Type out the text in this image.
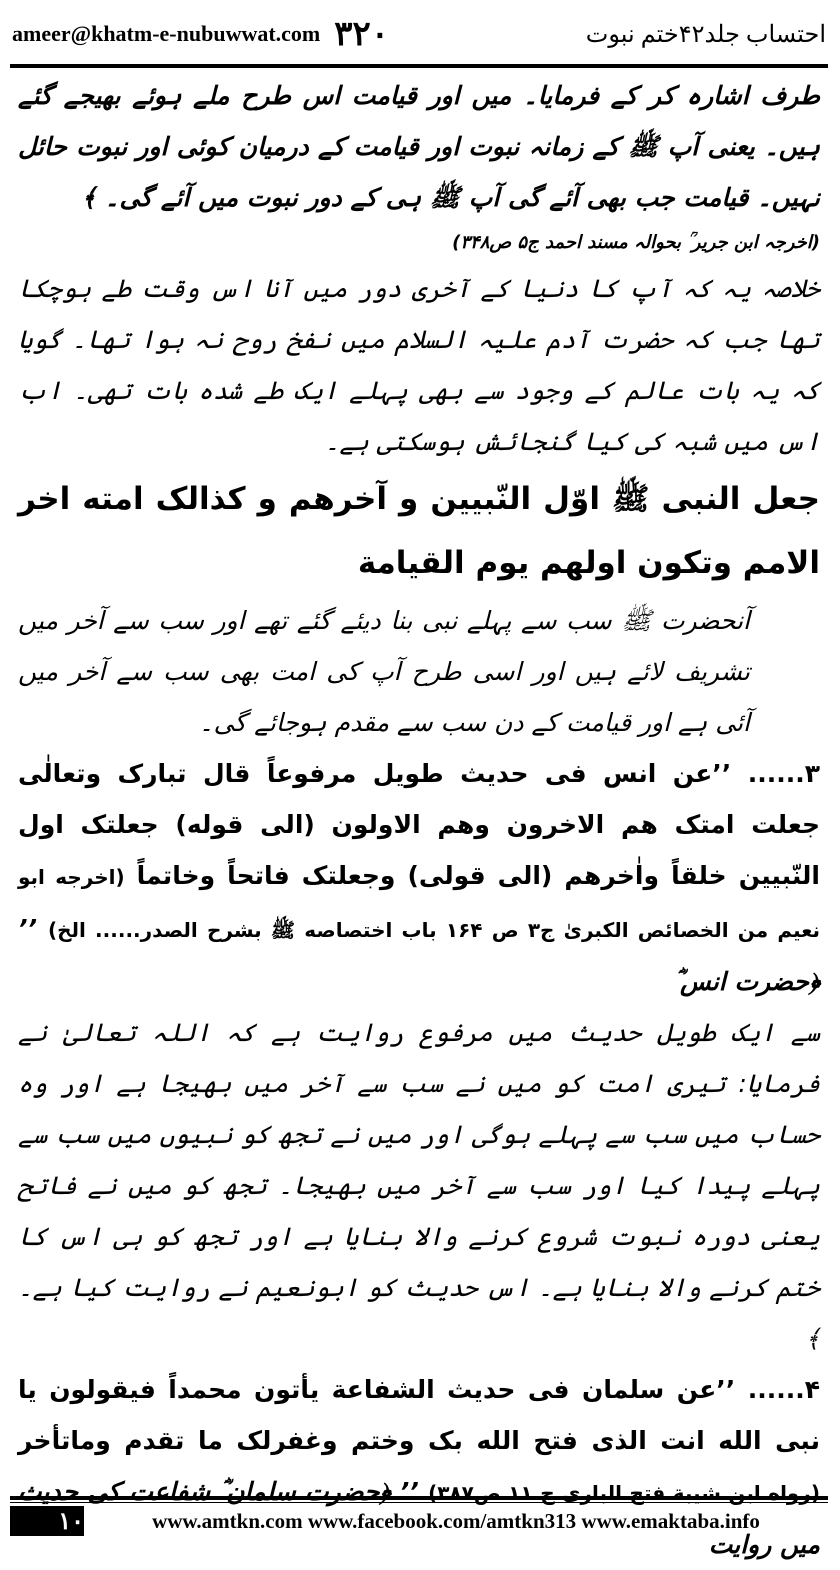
ameer@khatm-e-nubuwwat.com ۳۲۰	احتساب جلد۴۲ختم نبوت

طرف اشارہ کر کے فرمایا۔ میں اور قیامت اس طرح ملے ہوئے بھیجے گئے ہیں۔ یعنی آپ ﷺ کے زمانہ نبوت اور قیامت کے درمیان کوئی اور نبوت حائل نہیں۔ قیامت جب بھی آئے گی آپ ﷺ ہی کے دور نبوت میں آئے گی۔ ﴾

(اخرجہ ابن جریر ؒ بحوالہ مسند احمد ج۵ ص۳۴۸)

خلاصہ یہ کہ آپ کا دنیا کے آخری دور میں آنا اس وقت طے ہوچکا تھا جب کہ حضرت آدم علیہ السلام میں نفخ روح نہ ہوا تھا۔ گویا کہ یہ بات عالم کے وجود سے بھی پہلے ایک طے شدہ بات تھی۔ اب اس میں شبہ کی کیا گنجائش ہوسکتی ہے۔

جعل النبی ﷺ اوّل النّبیین و آخرهم و کذالک امته اخر الامم وتکون اولهم یوم القیامة

آنحضرت ﷺ سب سے پہلے نبی بنا دیئے گئے تھے اور سب سے آخر میں تشریف لائے ہیں اور اسی طرح آپ کی امت بھی سب سے آخر میں آئی ہے اور قیامت کے دن سب سے مقدم ہوجائے گی۔

۳...... ’’عن انس فی حدیث طویل مرفوعاً قال تبارک وتعالٰی جعلت امتک هم الاخرون وهم الاولون (الی قوله) جعلتک اول النّبیین خلقاً واٰخرهم (الی قولی) وجعلتک فاتحاً وخاتماً (اخرجه ابو نعیم من الخصائص الکبریٰ ج۳ ص ۱۶۴ باب اختصاصه ﷺ بشرح الصدر...... الخ) ’’ ﴿حضرت انس ؓ

سے ایک طویل حدیث میں مرفوع روایت ہے کہ اللہ تعالیٰ نے فرمایا: تیری امت کو میں نے سب سے آخر میں بھیجا ہے اور وہ حساب میں سب سے پہلے ہوگی اور میں نے تجھ کو نبیوں میں سب سے پہلے پیدا کیا اور سب سے آخر میں بھیجا۔ تجھ کو میں نے فاتح یعنی دورہ نبوت شروع کرنے والا بنایا ہے اور تجھ کو ہی اس کا ختم کرنے والا بنایا ہے۔ اس حدیث کو ابونعیم نے روایت کیا ہے۔ ﴾

۴...... ’’عن سلمان فی حدیث الشفاعة یأتون محمداً فیقولون یا نبی الله انت الذی فتح الله بک وختم وغفرلک ما تقدم وماتأخر (رواه ابن شیبة فتح الباری ج ۱۱ ص۳۸۷) ’’ ﴿حضرت سلمان ؓ شفاعت کی حدیث میں روایت

۱۰	www.amtkn.com www.facebook.com/amtkn313 www.emaktaba.info
